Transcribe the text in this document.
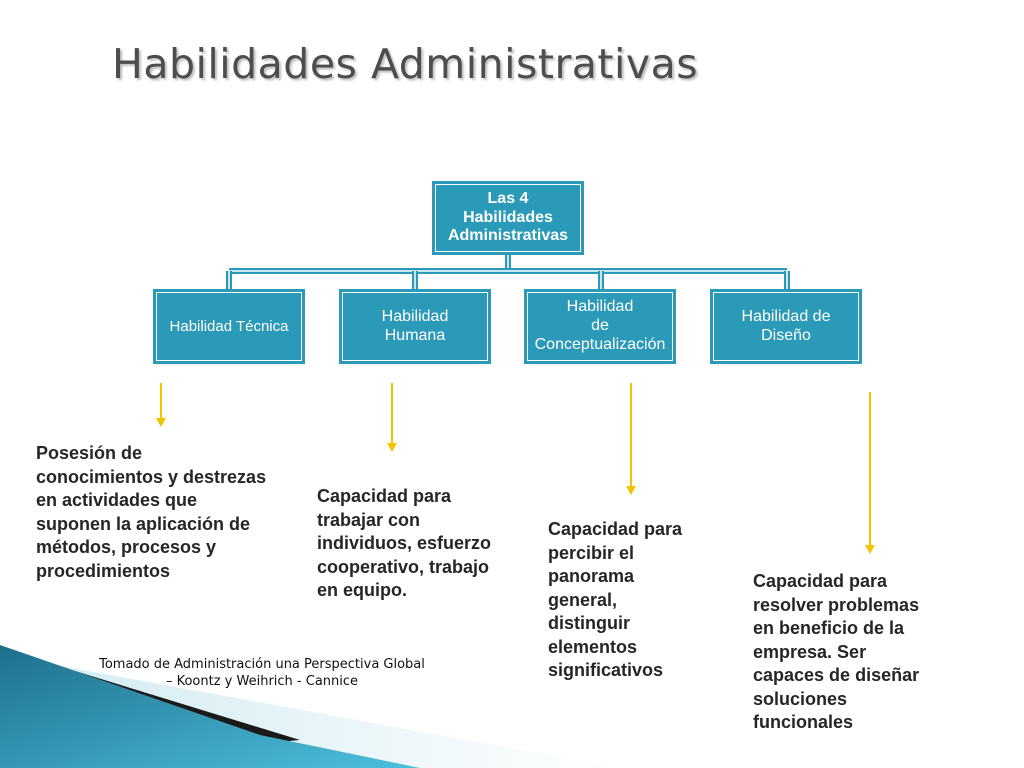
Habilidades Administrativas
Las 4
Habilidades
Administrativas
Habilidad Técnica
Habilidad
Humana
Habilidad
de
Conceptualización
Habilidad de
Diseño
Posesión de
conocimientos y destrezas
en actividades que
suponen la aplicación de
métodos, procesos y
procedimientos
Capacidad para
trabajar con
individuos, esfuerzo
cooperativo, trabajo
en equipo.
Capacidad para
percibir el
panorama
general,
distinguir
elementos
significativos
Capacidad para
resolver problemas
en beneficio de la
empresa. Ser
capaces de diseñar
soluciones
funcionales
Tomado de Administración una Perspectiva Global
– Koontz y Weihrich - Cannice
